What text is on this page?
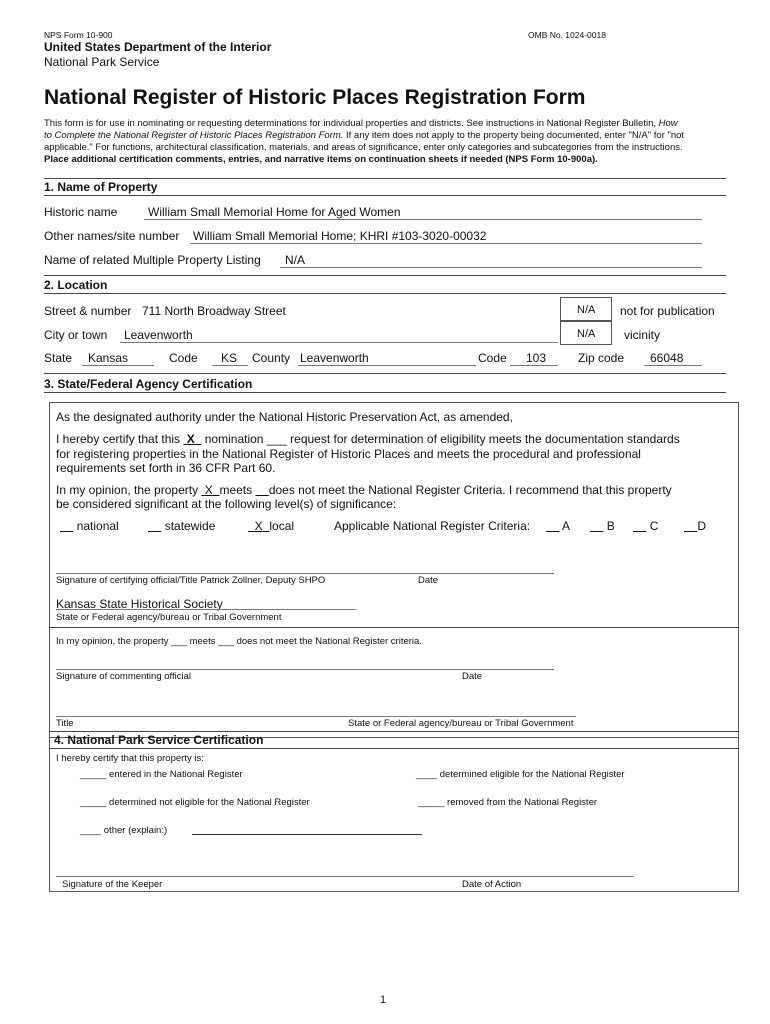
NPS Form 10-900	OMB No. 1024-0018
United States Department of the Interior
National Park Service
National Register of Historic Places Registration Form
This form is for use in nominating or requesting determinations for individual properties and districts. See instructions in National Register Bulletin, How
to Complete the National Register of Historic Places Registration Form. If any item does not apply to the property being documented, enter "N/A" for "not
applicable." For functions, architectural classification, materials, and areas of significance, enter only categories and subcategories from the instructions.
Place additional certification comments, entries, and narrative items on continuation sheets if needed (NPS Form 10-900a).
1. Name of Property
Historic name	William Small Memorial Home for Aged Women
Other names/site number William Small Memorial Home; KHRI #103-3020-00032
Name of related Multiple Property Listing N/A
2. Location
Street & number 711 North Broadway Street	N/A not for publication
City or town Leavenworth	N/A vicinity
State Kansas	Code KS County Leavenworth	Code 103	Zip code 66048
3. State/Federal Agency Certification
As the designated authority under the National Historic Preservation Act, as amended,
I hereby certify that this  X   nomination ___ request for determination of eligibility meets the documentation standards
for registering properties in the National Register of Historic Places and meets the procedural and professional
requirements set forth in 36 CFR Part 60.
In my opinion, the property  X meets     does not meet the National Register Criteria. I recommend that this property
be considered significant at the following level(s) of significance:
national	statewide	X local	Applicable National Register Criteria:	A	B	C	D
Signature of certifying official/Title Patrick Zollner, Deputy SHPO	Date
Kansas State Historical Society
State or Federal agency/bureau or Tribal Government
In my opinion, the property ___ meets ___ does not meet the National Register criteria.
Signature of commenting official	Date
Title	State or Federal agency/bureau or Tribal Government
4. National Park Service Certification
I hereby certify that this property is:
_____ entered in the National Register	____ determined eligible for the National Register
_____ determined not eligible for the National Register	_____ removed from the National Register
____ other (explain:)
Signature of the Keeper	Date of Action
1
